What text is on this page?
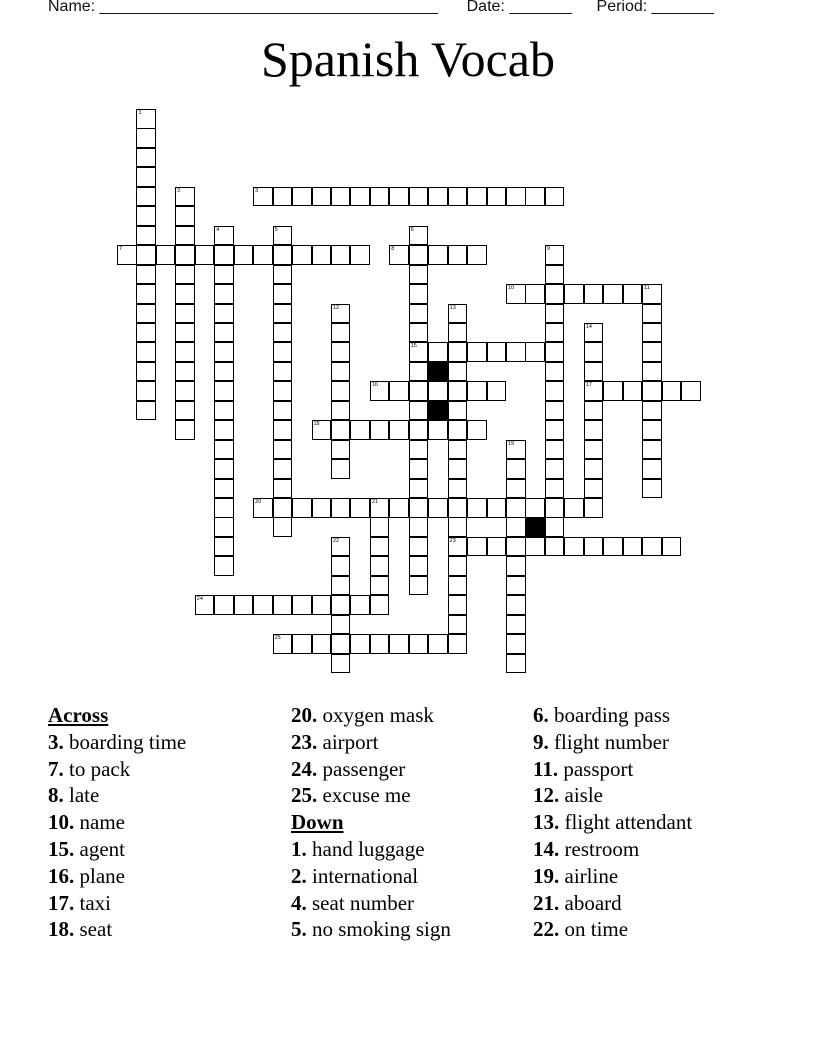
Name: ______________________________________ Date: _______ Period: _______
Spanish Vocab
1
2	3
4	5	6
15
7	8	9
10	11
12	13
23
14
17
16
18
19
20	21
22
24
25
Across
3. boarding time
7. to pack
8. late
10. name
15. agent
16. plane
17. taxi
18. seat
20. oxygen mask
23. airport
24. passenger
25. excuse me
Down
1. hand luggage
2. international
4. seat number
5. no smoking sign
6. boarding pass
9. flight number
11. passport
12. aisle
13. flight attendant
14. restroom
19. airline
21. aboard
22. on time
